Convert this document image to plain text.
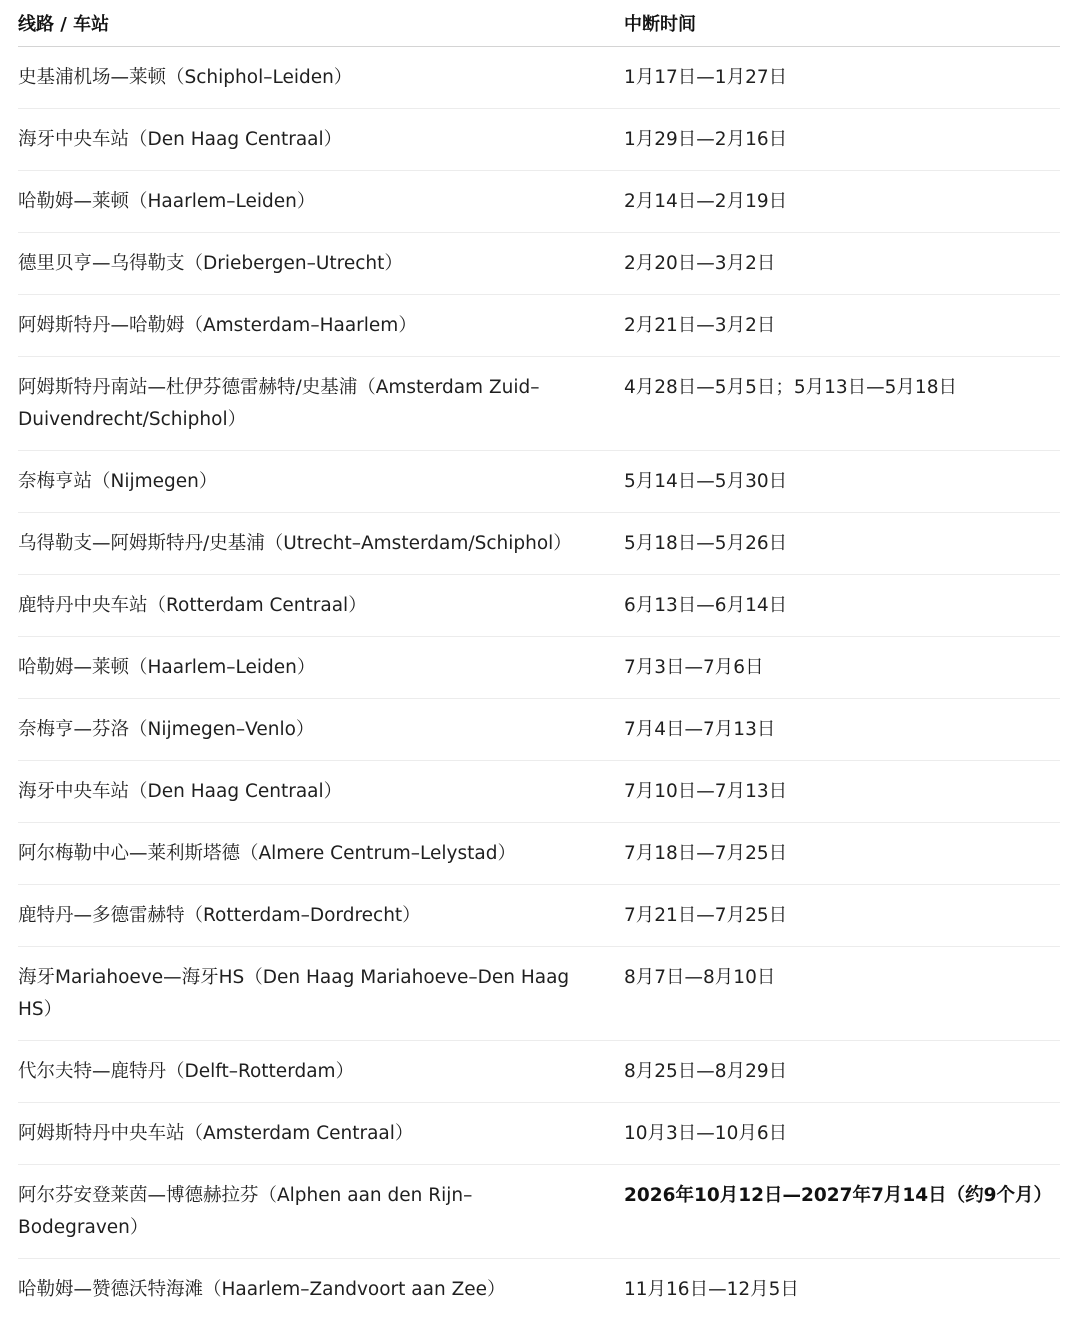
线路 / 车站	中断时间
史基浦机场—莱顿（Schiphol–Leiden）	1月17日—1月27日
海牙中央车站（Den Haag Centraal）	1月29日—2月16日
哈勒姆—莱顿（Haarlem–Leiden）	2月14日—2月19日
德里贝亨—乌得勒支（Driebergen–Utrecht）	2月20日—3月2日
阿姆斯特丹—哈勒姆（Amsterdam–Haarlem）	2月21日—3月2日
阿姆斯特丹南站—杜伊芬德雷赫特/史基浦（Amsterdam Zuid–Duivendrecht/Schiphol）	4月28日—5月5日；5月13日—5月18日
奈梅亨站（Nijmegen）	5月14日—5月30日
乌得勒支—阿姆斯特丹/史基浦（Utrecht–Amsterdam/Schiphol）	5月18日—5月26日
鹿特丹中央车站（Rotterdam Centraal）	6月13日—6月14日
哈勒姆—莱顿（Haarlem–Leiden）	7月3日—7月6日
奈梅亨—芬洛（Nijmegen–Venlo）	7月4日—7月13日
海牙中央车站（Den Haag Centraal）	7月10日—7月13日
阿尔梅勒中心—莱利斯塔德（Almere Centrum–Lelystad）	7月18日—7月25日
鹿特丹—多德雷赫特（Rotterdam–Dordrecht）	7月21日—7月25日
海牙Mariahoeve—海牙HS（Den Haag Mariahoeve–Den Haag HS）	8月7日—8月10日
代尔夫特—鹿特丹（Delft–Rotterdam）	8月25日—8月29日
阿姆斯特丹中央车站（Amsterdam Centraal）	10月3日—10月6日
阿尔芬安登莱茵—博德赫拉芬（Alphen aan den Rijn–Bodegraven）	2026年10月12日—2027年7月14日（约9个月）
哈勒姆—赞德沃特海滩（Haarlem–Zandvoort aan Zee）	11月16日—12月5日
